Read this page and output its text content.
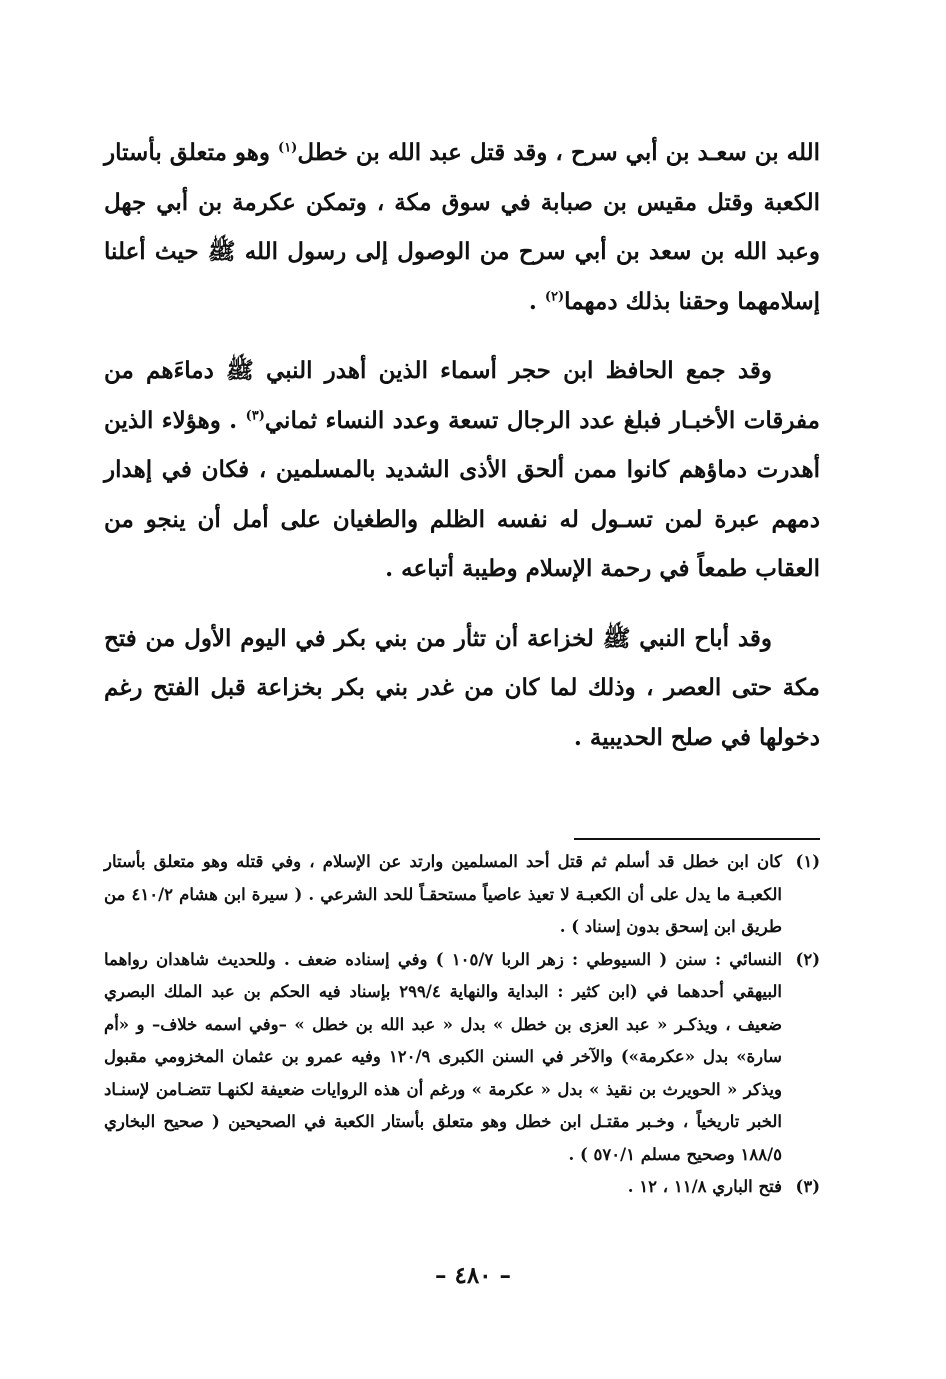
الله بن سعـد بن أبي سرح ، وقد قتل عبد الله بن خطل$^{(١)}$ وهو متعلق بأستار الكعبة وقتل مقيس بن صبابة في سوق مكة ، وتمكن عكرمة بن أبي جهل وعبد الله بن سعد بن أبي سرح من الوصول إلى رسول الله ﷺ حيث أعلنا إسلامهما وحقنا بذلك دمهما$^{(٢)}$ .

وقد جمع الحافظ ابن حجر أسماء الذين أهدر النبي ﷺ دماءَهم من مفرقات الأخبـار فبلغ عدد الرجال تسعة وعدد النساء ثماني$^{(٣)}$ . وهؤلاء الذين أهدرت دماؤهم كانوا ممن ألحق الأذى الشديد بالمسلمين ، فكان في إهدار دمهم عبرة لمن تسـول له نفسه الظلم والطغيان على أمل أن ينجو من العقاب طمعاً في رحمة الإسلام وطيبة أتباعه .

وقد أباح النبي ﷺ لخزاعة أن تثأر من بني بكر في اليوم الأول من فتح مكة حتى العصر ، وذلك لما كان من غدر بني بكر بخزاعة قبل الفتح رغم دخولها في صلح الحديبية .

(١)كان ابن خطل قد أسلم ثم قتل أحد المسلمين وارتد عن الإسلام ، وفي قتله وهو متعلق بأستار الكعبـة ما يدل على أن الكعبـة لا تعيذ عاصياً مستحقـاً للحد الشرعي . ( سيرة ابن هشام ٤١٠/٢ من طريق ابن إسحق بدون إسناد ) .

(٢)النسائي : سنن ( السيوطي : زهر الربا ١٠٥/٧ ) وفي إسناده ضعف . وللحديث شاهدان رواهما البيهقي أحدهما في (ابن كثير : البداية والنهاية ٢٩٩/٤ بإسناد فيه الحكم بن عبد الملك البصري ضعيف ، ويذكـر « عبد العزى بن خطل » بدل « عبد الله بن خطل » –وفي اسمه خلاف– و «أم سارة» بدل «عكرمة») والآخر في السنن الكبرى ١٢٠/٩ وفيه عمرو بن عثمان المخزومي مقبول ويذكر « الحويرث بن نقيذ » بدل « عكرمة » ورغم أن هذه الروايات ضعيفة لكنهـا تتضـامن لإسنـاد الخبر تاريخياً ، وخـبر مقتـل ابن خطل وهو متعلق بأستار الكعبة في الصحيحين ( صحيح البخاري ١٨٨/٥ وصحيح مسلم ٥٧٠/١ ) .

(٣)فتح الباري ١١/٨ ، ١٢ .

– ٤٨٠ –
